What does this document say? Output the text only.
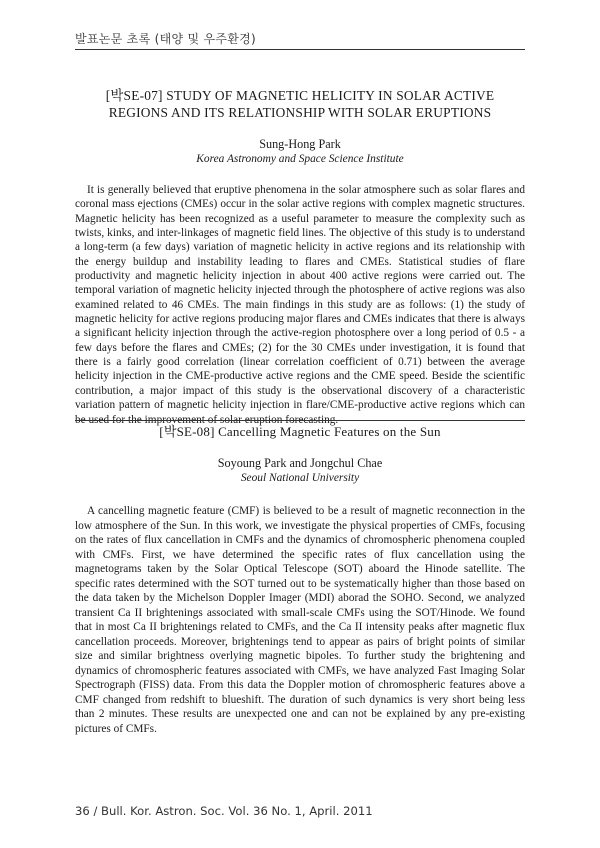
발표논문 초록 (태양 및 우주환경)
[박SE-07] STUDY OF MAGNETIC HELICITY IN SOLAR ACTIVE REGIONS AND ITS RELATIONSHIP WITH SOLAR ERUPTIONS

Sung-Hong Park

Korea Astronomy and Space Science Institute

It is generally believed that eruptive phenomena in the solar atmosphere such as solar flares and coronal mass ejections (CMEs) occur in the solar active regions with complex magnetic structures. Magnetic helicity has been recognized as a useful parameter to measure the complexity such as twists, kinks, and inter-linkages of magnetic field lines. The objective of this study is to understand a long-term (a few days) variation of magnetic helicity in active regions and its relationship with the energy buildup and instability leading to flares and CMEs. Statistical studies of flare productivity and magnetic helicity injection in about 400 active regions were carried out. The temporal variation of magnetic helicity injected through the photosphere of active regions was also examined related to 46 CMEs. The main findings in this study are as follows: (1) the study of magnetic helicity for active regions producing major flares and CMEs indicates that there is always a significant helicity injection through the active-region photosphere over a long period of 0.5 - a few days before the flares and CMEs; (2) for the 30 CMEs under investigation, it is found that there is a fairly good correlation (linear correlation coefficient of 0.71) between the average helicity injection in the CME-productive active regions and the CME speed. Beside the scientific contribution, a major impact of this study is the observational discovery of a characteristic variation pattern of magnetic helicity injection in flare/CME-productive active regions which can be used for the improvement of solar eruption forecasting.

[박SE-08] Cancelling Magnetic Features on the Sun

Soyoung Park and Jongchul Chae

Seoul National University

A cancelling magnetic feature (CMF) is believed to be a result of magnetic reconnection in the low atmosphere of the Sun. In this work, we investigate the physical properties of CMFs, focusing on the rates of flux cancellation in CMFs and the dynamics of chromospheric phenomena coupled with CMFs. First, we have determined the specific rates of flux cancellation using the magnetograms taken by the Solar Optical Telescope (SOT) aboard the Hinode satellite. The specific rates determined with the SOT turned out to be systematically higher than those based on the data taken by the Michelson Doppler Imager (MDI) aborad the SOHO. Second, we analyzed transient Ca II brightenings associated with small-scale CMFs using the SOT/Hinode. We found that in most Ca II brightenings related to CMFs, and the Ca II intensity peaks after magnetic flux cancellation proceeds. Moreover, brightenings tend to appear as pairs of bright points of similar size and similar brightness overlying magnetic bipoles. To further study the brightening and dynamics of chromospheric features associated with CMFs, we have analyzed Fast Imaging Solar Spectrograph (FISS) data. From this data the Doppler motion of chromospheric features above a CMF changed from redshift to blueshift. The duration of such dynamics is very short being less than 2 minutes. These results are unexpected one and can not be explained by any pre-existing pictures of CMFs.

36 / Bull. Kor. Astron. Soc. Vol. 36 No. 1, April. 2011
